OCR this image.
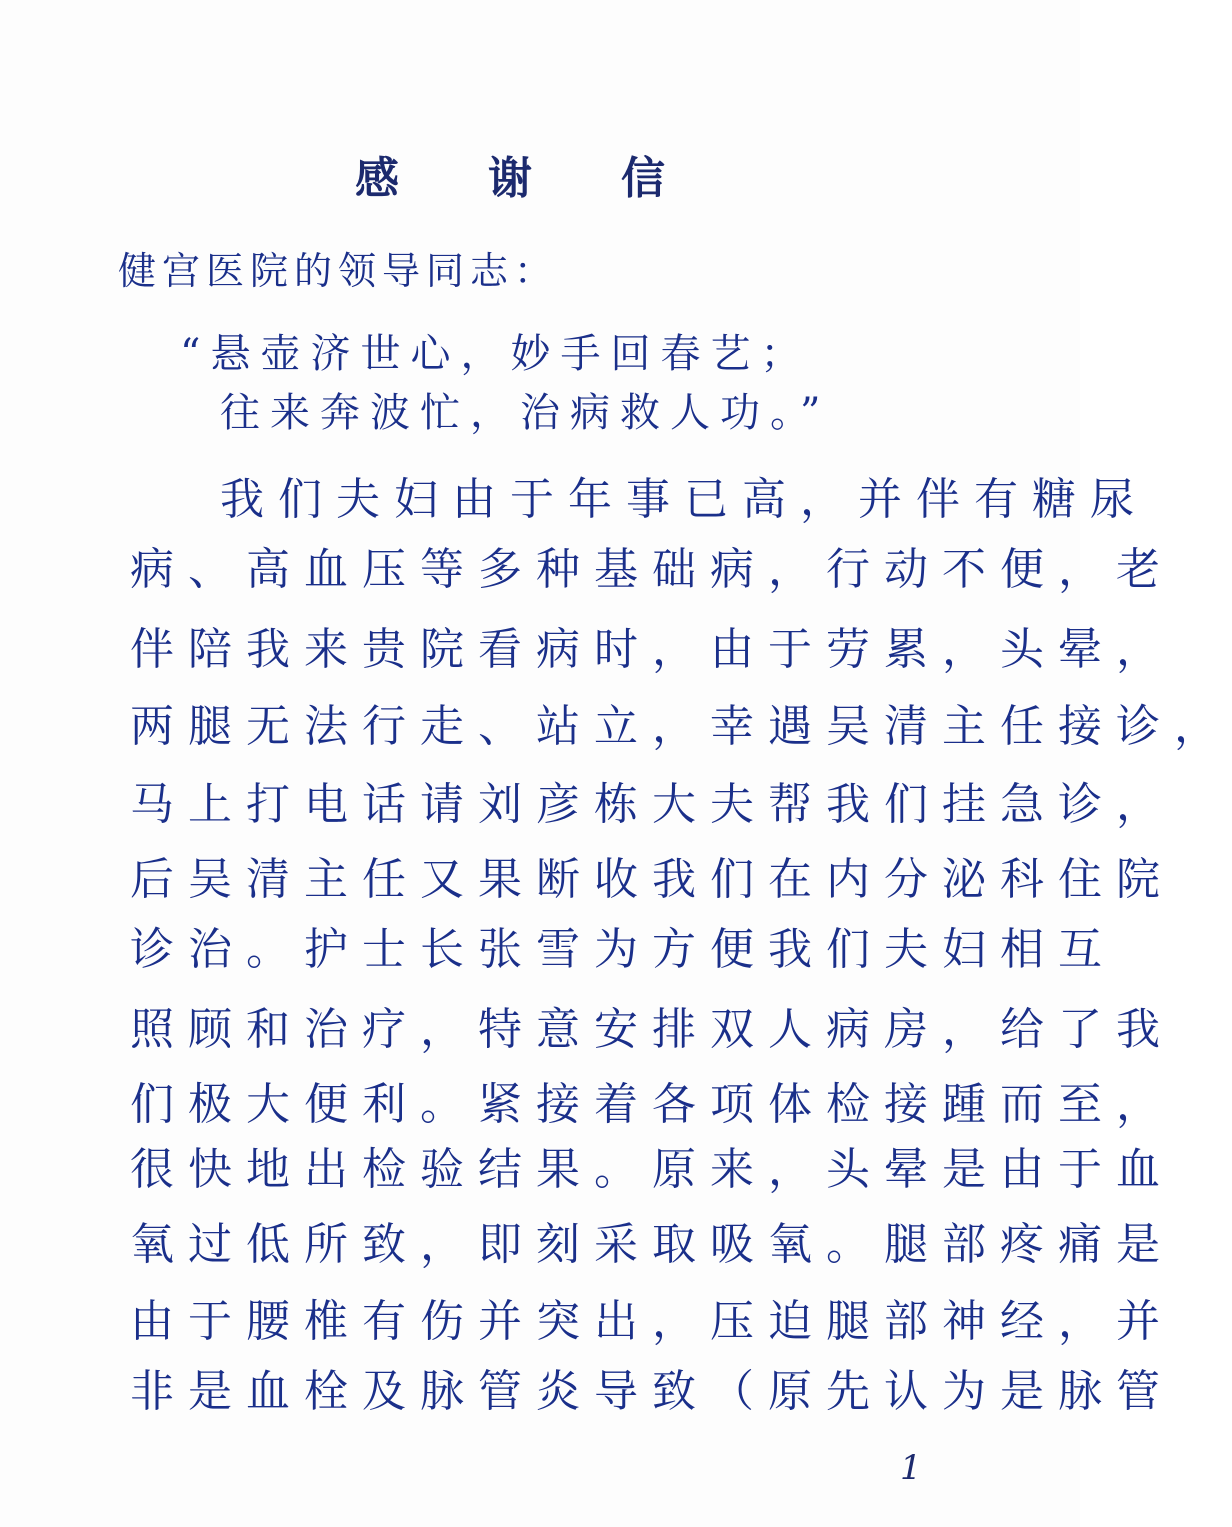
感 谢 信
健宫医院的领导同志：
“悬壶济世心，妙手回春艺；
往来奔波忙，治病救人功。”
我们夫妇由于年事已高，并伴有糖尿
病、高血压等多种基础病，行动不便，老
伴陪我来贵院看病时，由于劳累，头晕，
两腿无法行走、站立，幸遇吴清主任接诊，
马上打电话请刘彦栋大夫帮我们挂急诊，
后吴清主任又果断收我们在内分泌科住院
诊治。护士长张雪为方便我们夫妇相互
照顾和治疗，特意安排双人病房，给了我
们极大便利。紧接着各项体检接踵而至，
很快地出检验结果。原来，头晕是由于血
氧过低所致，即刻采取吸氧。腿部疼痛是
由于腰椎有伤并突出，压迫腿部神经，并
非是血栓及脉管炎导致（原先认为是脉管
1
